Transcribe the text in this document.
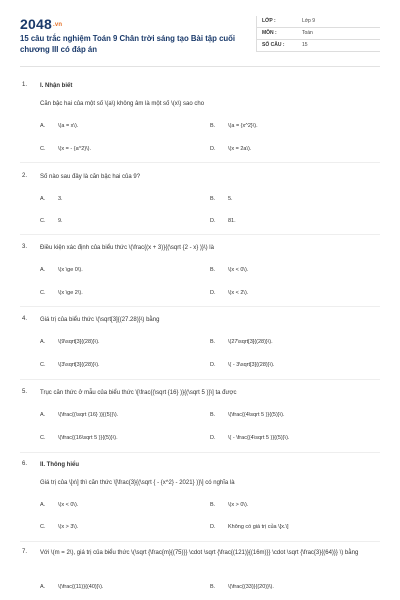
2048.vn
15 câu trắc nghiệm Toán 9 Chân trời sáng tạo Bài tập cuối chương III có đáp án
LỚP :	Lớp 9
MÔN :	Toán
SỐ CÂU :	15
1. I. Nhận biết
Căn bậc hai của một số \(a\) không âm là một số \(x\) sao cho
A. \(a = x\).	B. \(a = {x^2}\).
C. \(x = - {a^2}\).	D. \(x = 2a\).
2. Số nào sau đây là căn bậc hai của 9?
A. 3.	B. 5.
C. 9.	D. 81.
3. Điều kiện xác định của biểu thức \(\frac{(x + 3)}{(\sqrt {2 - x} )}\) là
A. \(x \ge 0\).	B. \(x < 0\).
C. \(x \ge 2\).	D. \(x < 2\).
4. Giá trị của biểu thức \(\sqrt[3]{(27.28)}\) bằng
A. \(9\sqrt[3]{(28)}\).	B. \(27\sqrt[3]{(28)}\).
C. \(3\sqrt[3]{(28)}\).	D. \( - 3\sqrt[3]{(28)}\).
5. Trục căn thức ở mẫu của biểu thức \[\frac{(\sqrt {16} )}{(\sqrt 5 )}\] ta được
A. \(\frac{(\sqrt {16} )}{(5)}\).	B. \(\frac{(4\sqrt 5 )}{(5)}\).
C. \(\frac{(16\sqrt 5 )}{(5)}\).	D. \( - \frac{(4\sqrt 5 )}{(5)}\).
6. II. Thông hiểu
Giá trị của \[x\] thì căn thức \[\frac{3}{(\sqrt { - {x^2} - 2021} )}\] có nghĩa là
A. \(x < 0\).	B. \(x > 0\).
C. \(x > 3\).	D. Không có giá trị của \[x.\]
7. Với \(m = 2\), giá trị của biểu thức \(\sqrt {\frac{m}{(75)}} \cdot \sqrt {\frac{(121)}{(16m)}} \cdot \sqrt {\frac{3}{(64)}} \) bằng
A. \(\frac{(11)}{(40)}\).	B. \(\frac{(33)}{(20)}\).
